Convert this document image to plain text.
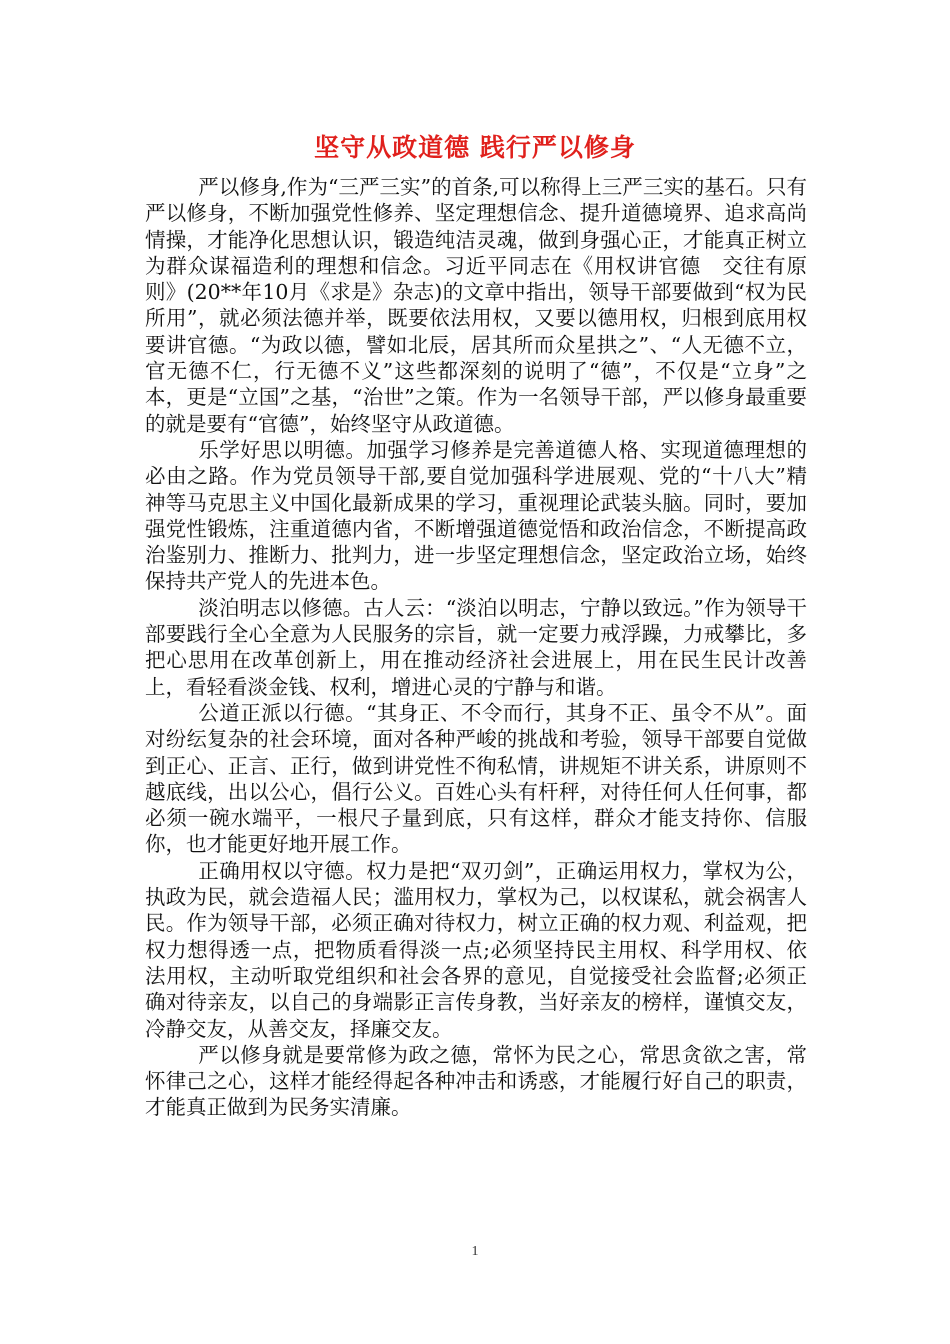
坚守从政道德 践行严以修身

严以修身,作为“三严三实”的首条,可以称得上三严三实的基石。只有严以修身，不断加强党性修养、坚定理想信念、提升道德境界、追求高尚情操，才能净化思想认识，锻造纯洁灵魂，做到身强心正，才能真正树立为群众谋福造利的理想和信念。习近平同志在《用权讲官德　交往有原则》(20**年10月《求是》杂志)的文章中指出，领导干部要做到“权为民所用”，就必须法德并举，既要依法用权，又要以德用权，归根到底用权要讲官德。“为政以德，譬如北辰，居其所而众星拱之”、“人无德不立，官无德不仁，行无德不义”这些都深刻的说明了“德”，不仅是“立身”之本，更是“立国”之基，“治世”之策。作为一名领导干部，严以修身最重要的就是要有“官德”，始终坚守从政道德。

乐学好思以明德。加强学习修养是完善道德人格、实现道德理想的必由之路。作为党员领导干部,要自觉加强科学进展观、党的“十八大”精神等马克思主义中国化最新成果的学习，重视理论武装头脑。同时，要加强党性锻炼，注重道德内省，不断增强道德觉悟和政治信念，不断提高政治鉴别力、推断力、批判力，进一步坚定理想信念，坚定政治立场，始终保持共产党人的先进本色。

淡泊明志以修德。古人云：“淡泊以明志，宁静以致远。”作为领导干部要践行全心全意为人民服务的宗旨，就一定要力戒浮躁，力戒攀比，多把心思用在改革创新上，用在推动经济社会进展上，用在民生民计改善上，看轻看淡金钱、权利，增进心灵的宁静与和谐。

公道正派以行德。“其身正、不令而行，其身不正、虽令不从”。面对纷纭复杂的社会环境，面对各种严峻的挑战和考验，领导干部要自觉做到正心、正言、正行，做到讲党性不徇私情，讲规矩不讲关系，讲原则不越底线，出以公心，倡行公义。百姓心头有杆秤，对待任何人任何事，都必须一碗水端平，一根尺子量到底，只有这样，群众才能支持你、信服你，也才能更好地开展工作。

正确用权以守德。权力是把“双刃剑”，正确运用权力，掌权为公，执政为民，就会造福人民；滥用权力，掌权为己，以权谋私，就会祸害人民。作为领导干部，必须正确对待权力，树立正确的权力观、利益观，把权力想得透一点，把物质看得淡一点;必须坚持民主用权、科学用权、依法用权，主动听取党组织和社会各界的意见，自觉接受社会监督;必须正确对待亲友，以自己的身端影正言传身教，当好亲友的榜样，谨慎交友，冷静交友，从善交友，择廉交友。

严以修身就是要常修为政之德，常怀为民之心，常思贪欲之害，常怀律己之心，这样才能经得起各种冲击和诱惑，才能履行好自己的职责，才能真正做到为民务实清廉。

1
